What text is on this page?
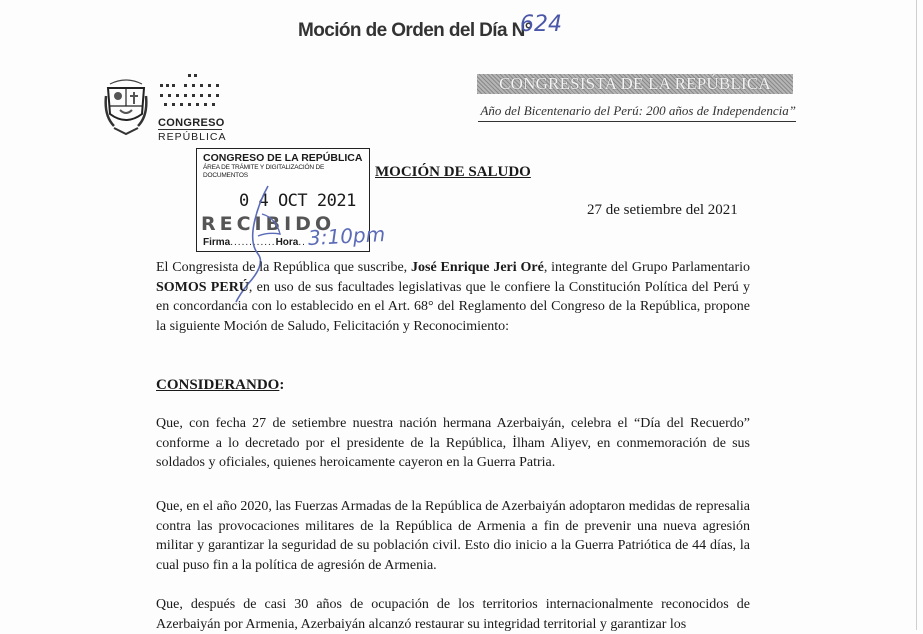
Moción de Orden del Día N°
624
CONGRESO
REPÚBLICA
CONGRESISTA DE LA REPÚBLICA
Año del Bicentenario del Perú: 200 años de Independencia”
CONGRESO DE LA REPÚBLICA
ÁREA DE TRÁMITE Y DIGITALIZACIÓN DE DOCUMENTOS
0 4 OCT 2021
RECIBIDO
Firma............Hora.. 3:10pm
MOCIÓN DE SALUDO
27 de setiembre del 2021
El Congresista de la República que suscribe, José Enrique Jeri Oré, integrante del Grupo Parlamentario SOMOS PERÚ, en uso de sus facultades legislativas que le confiere la Constitución Política del Perú y en concordancia con lo establecido en el Art. 68° del Reglamento del Congreso de la República, propone la siguiente Moción de Saludo, Felicitación y Reconocimiento:
CONSIDERANDO:
Que, con fecha 27 de setiembre nuestra nación hermana Azerbaiyán, celebra el “Día del Recuerdo” conforme a lo decretado por el presidente de la República, İlham Aliyev, en conmemoración de sus soldados y oficiales, quienes heroicamente cayeron en la Guerra Patria.
Que, en el año 2020, las Fuerzas Armadas de la República de Azerbaiyán adoptaron medidas de represalia contra las provocaciones militares de la República de Armenia a fin de prevenir una nueva agresión militar y garantizar la seguridad de su población civil. Esto dio inicio a la Guerra Patriótica de 44 días, la cual puso fin a la política de agresión de Armenia.
Que, después de casi 30 años de ocupación de los territorios internacionalmente reconocidos de Azerbaiyán por Armenia, Azerbaiyán alcanzó restaurar su integridad territorial y garantizar los
